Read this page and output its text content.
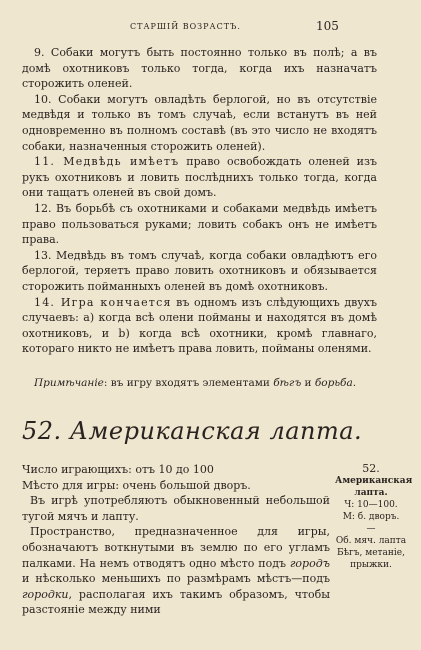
СТАРШІЙ ВОЗРАСТЪ.	105

9. Собаки могутъ быть постоянно только въ полѣ; а въ домѣ охотниковъ только тогда, когда ихъ назначатъ сторожить оленей.

10. Собаки могутъ овладѣть берлогой, но въ отсутствіе медвѣдя и только въ томъ случаѣ, если встанутъ въ ней одновременно въ полномъ составѣ (въ это число не входятъ собаки, назначенныя сторожить оленей).

11. Медвѣдь имѣетъ право освобождать оленей изъ рукъ охотниковъ и ловить послѣднихъ только тогда, когда они тащатъ оленей въ свой домъ.

12. Въ борьбѣ съ охотниками и собаками медвѣдь имѣетъ право пользоваться руками; ловить собакъ онъ не имѣетъ права.

13. Медвѣдь въ томъ случаѣ, когда собаки овладѣютъ его берлогой, теряетъ право ловить охотниковъ и обязывается сторожить пойманныхъ оленей въ домѣ охотниковъ.

14. Игра кончается въ одномъ изъ слѣдующихъ двухъ случаевъ: а) когда всѣ олени пойманы и находятся въ домѣ охотниковъ, и b) когда всѣ охотники, кромѣ главнаго, котораго никто не имѣетъ права ловить, пойманы оленями.

Примѣчаніе: въ игру входятъ элементами бѣгъ и борьба.
52. Американская лапта.

Число играющихъ: отъ 10 до 100

Мѣсто для игры: очень большой дворъ.

Въ игрѣ употребляютъ обыкновенный небольшой тугой мячъ и лапту.

Пространство, предназначенное для игры, обозначаютъ воткнутыми въ землю по его угламъ палками. На немъ отводятъ одно мѣсто подъ городъ и нѣсколько меньшихъ по размѣрамъ мѣстъ—подъ городки, располагая ихъ такимъ образомъ, чтобы разстояніе между ними

52.
Американская
лапта.
Ч: 10—100.
М: б. дворъ.
—
Об. мяч. лапта
Бѣгъ, метаніе,
прыжки.
